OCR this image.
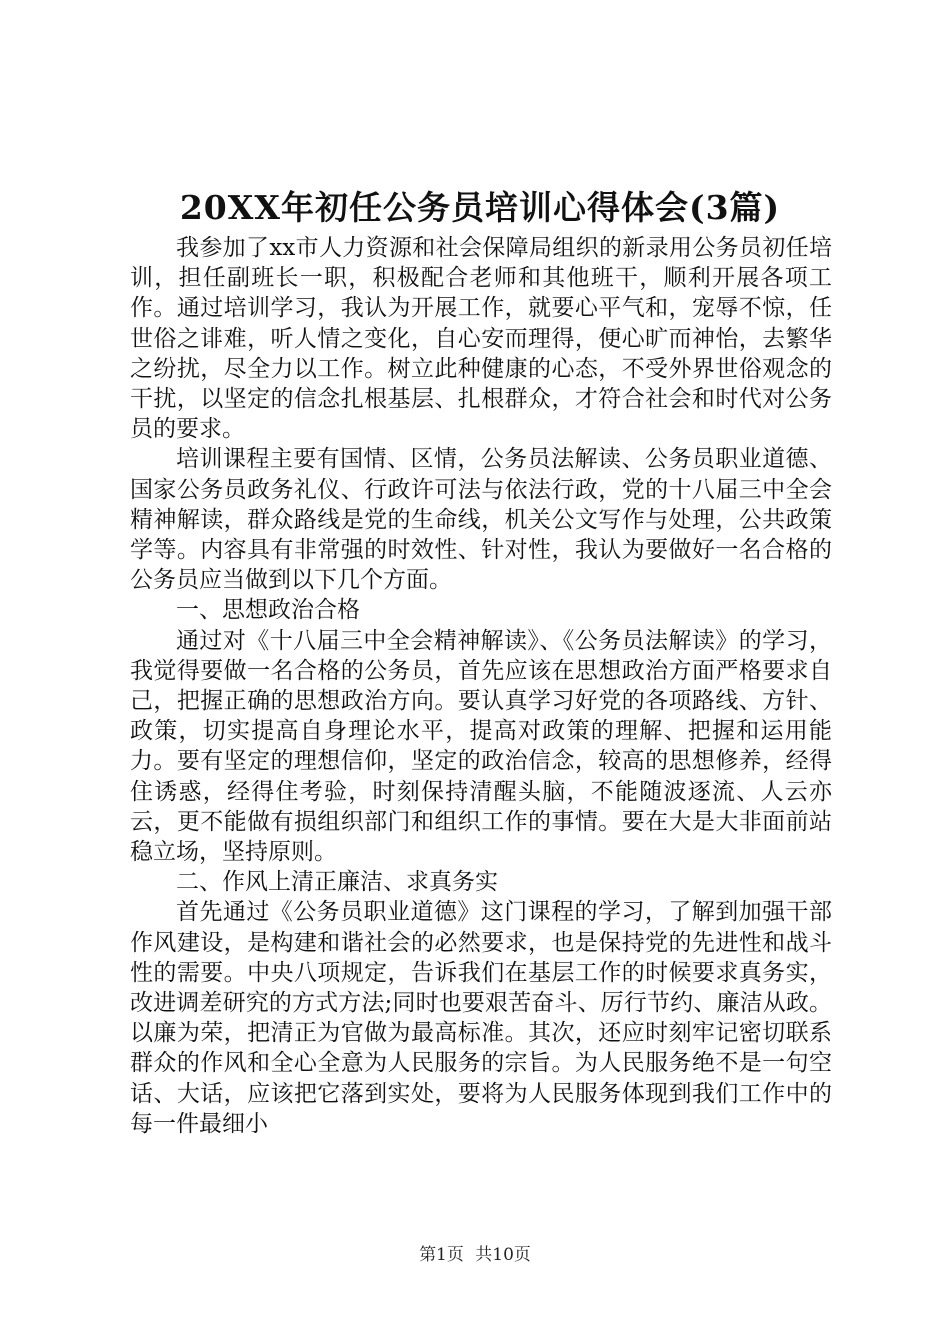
20XX年初任公务员培训心得体会(3篇)

我参加了xx市人力资源和社会保障局组织的新录用公务员初任培训，担任副班长一职，积极配合老师和其他班干，顺利开展各项工作。通过培训学习，我认为开展工作，就要心平气和，宠辱不惊，任世俗之诽难，听人情之变化，自心安而理得，便心旷而神怡，去繁华之纷扰，尽全力以工作。树立此种健康的心态，不受外界世俗观念的干扰，以坚定的信念扎根基层、扎根群众，才符合社会和时代对公务员的要求。

培训课程主要有国情、区情，公务员法解读、公务员职业道德、国家公务员政务礼仪、行政许可法与依法行政，党的十八届三中全会精神解读，群众路线是党的生命线，机关公文写作与处理，公共政策学等。内容具有非常强的时效性、针对性，我认为要做好一名合格的公务员应当做到以下几个方面。

一、思想政治合格

通过对《十八届三中全会精神解读》、《公务员法解读》的学习，我觉得要做一名合格的公务员，首先应该在思想政治方面严格要求自己，把握正确的思想政治方向。要认真学习好党的各项路线、方针、政策，切实提高自身理论水平，提高对政策的理解、把握和运用能力。要有坚定的理想信仰，坚定的政治信念，较高的思想修养，经得住诱惑，经得住考验，时刻保持清醒头脑，不能随波逐流、人云亦云，更不能做有损组织部门和组织工作的事情。要在大是大非面前站稳立场，坚持原则。

二、作风上清正廉洁、求真务实

首先通过《公务员职业道德》这门课程的学习，了解到加强干部作风建设，是构建和谐社会的必然要求，也是保持党的先进性和战斗性的需要。中央八项规定，告诉我们在基层工作的时候要求真务实，改进调差研究的方式方法;同时也要艰苦奋斗、厉行节约、廉洁从政。以廉为荣，把清正为官做为最高标准。其次，还应时刻牢记密切联系群众的作风和全心全意为人民服务的宗旨。为人民服务绝不是一句空话、大话，应该把它落到实处，要将为人民服务体现到我们工作中的每一件最细小

第1页 共10页
